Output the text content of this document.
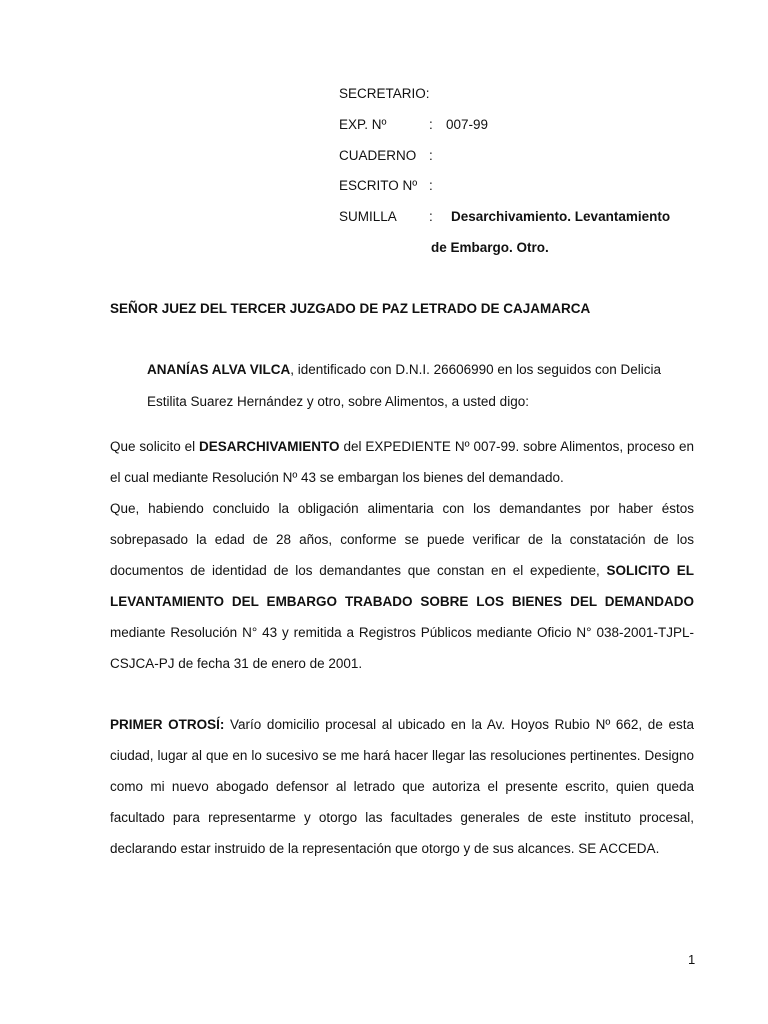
SECRETARIO:
EXP. Nº	: 007-99
CUADERNO :
ESCRITO Nº :
SUMILLA : Desarchivamiento. Levantamiento
de Embargo. Otro.
SEÑOR JUEZ DEL TERCER JUZGADO DE PAZ LETRADO DE CAJAMARCA
ANANÍAS ALVA VILCA, identificado con D.N.I. 26606990 en los seguidos con Delicia
Estilita Suarez Hernández y otro, sobre Alimentos, a usted digo:
Que solicito el DESARCHIVAMIENTO del EXPEDIENTE Nº 007-99. sobre Alimentos, proceso en el cual mediante Resolución Nº 43 se embargan los bienes del demandado.
Que, habiendo concluido la obligación alimentaria con los demandantes por haber éstos sobrepasado la edad de 28 años, conforme se puede verificar de la constatación de los documentos de identidad de los demandantes que constan en el expediente, SOLICITO EL LEVANTAMIENTO DEL EMBARGO TRABADO SOBRE LOS BIENES DEL DEMANDADO mediante Resolución N° 43 y remitida a Registros Públicos mediante Oficio N° 038-2001-TJPL-CSJCA-PJ de fecha 31 de enero de 2001.
PRIMER OTROSÍ: Varío domicilio procesal al ubicado en la Av. Hoyos Rubio Nº 662, de esta ciudad, lugar al que en lo sucesivo se me hará hacer llegar las resoluciones pertinentes. Designo como mi nuevo abogado defensor al letrado que autoriza el presente escrito, quien queda facultado para representarme y otorgo las facultades generales de este instituto procesal, declarando estar instruido de la representación que otorgo y de sus alcances. SE ACCEDA.
1
